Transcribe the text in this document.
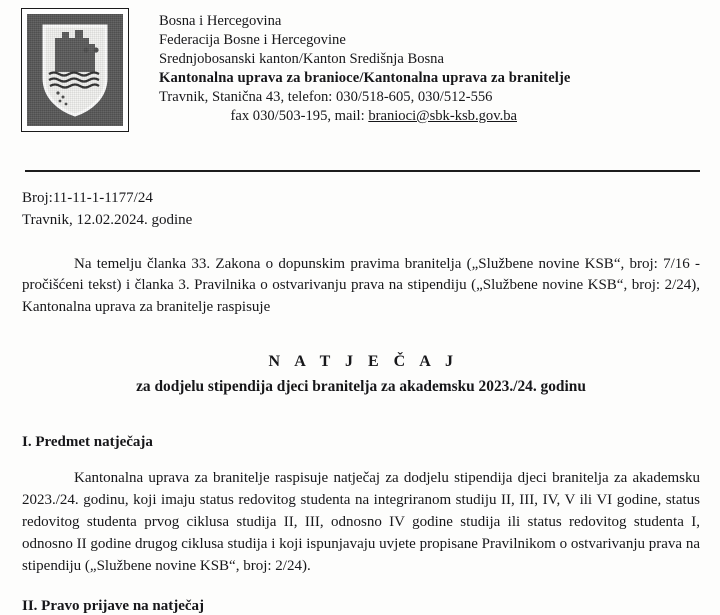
Bosna i Hercegovina
Federacija Bosne i Hercegovine
Srednjobosanski kanton/Kanton Središnja Bosna
Kantonalna uprava za branioce/Kantonalna uprava za branitelje
Travnik, Stanična 43, telefon: 030/518-605, 030/512-556
fax 030/503-195, mail: branioci@sbk-ksb.gov.ba
Broj:11-11-1-1177/24
Travnik, 12.02.2024. godine
Na temelju članka 33. Zakona o dopunskim pravima branitelja („Službene novine KSB“, broj: 7/16 - pročišćeni tekst) i članka 3. Pravilnika o ostvarivanju prava na stipendiju („Službene novine KSB“, broj: 2/24), Kantonalna uprava za branitelje raspisuje
N A T J E Č A J
za dodjelu stipendija djeci branitelja za akademsku 2023./24. godinu
I. Predmet natječaja
Kantonalna uprava za branitelje raspisuje natječaj za dodjelu stipendija djeci branitelja za akademsku 2023./24. godinu, koji imaju status redovitog studenta na integriranom studiju II, III, IV, V ili VI godine, status redovitog studenta prvog ciklusa studija II, III, odnosno IV godine studija ili status redovitog studenta I, odnosno II godine drugog ciklusa studija i koji ispunjavaju uvjete propisane Pravilnikom o ostvarivanju prava na stipendiju („Službene novine KSB“, broj: 2/24).
II. Pravo prijave na natječaj
